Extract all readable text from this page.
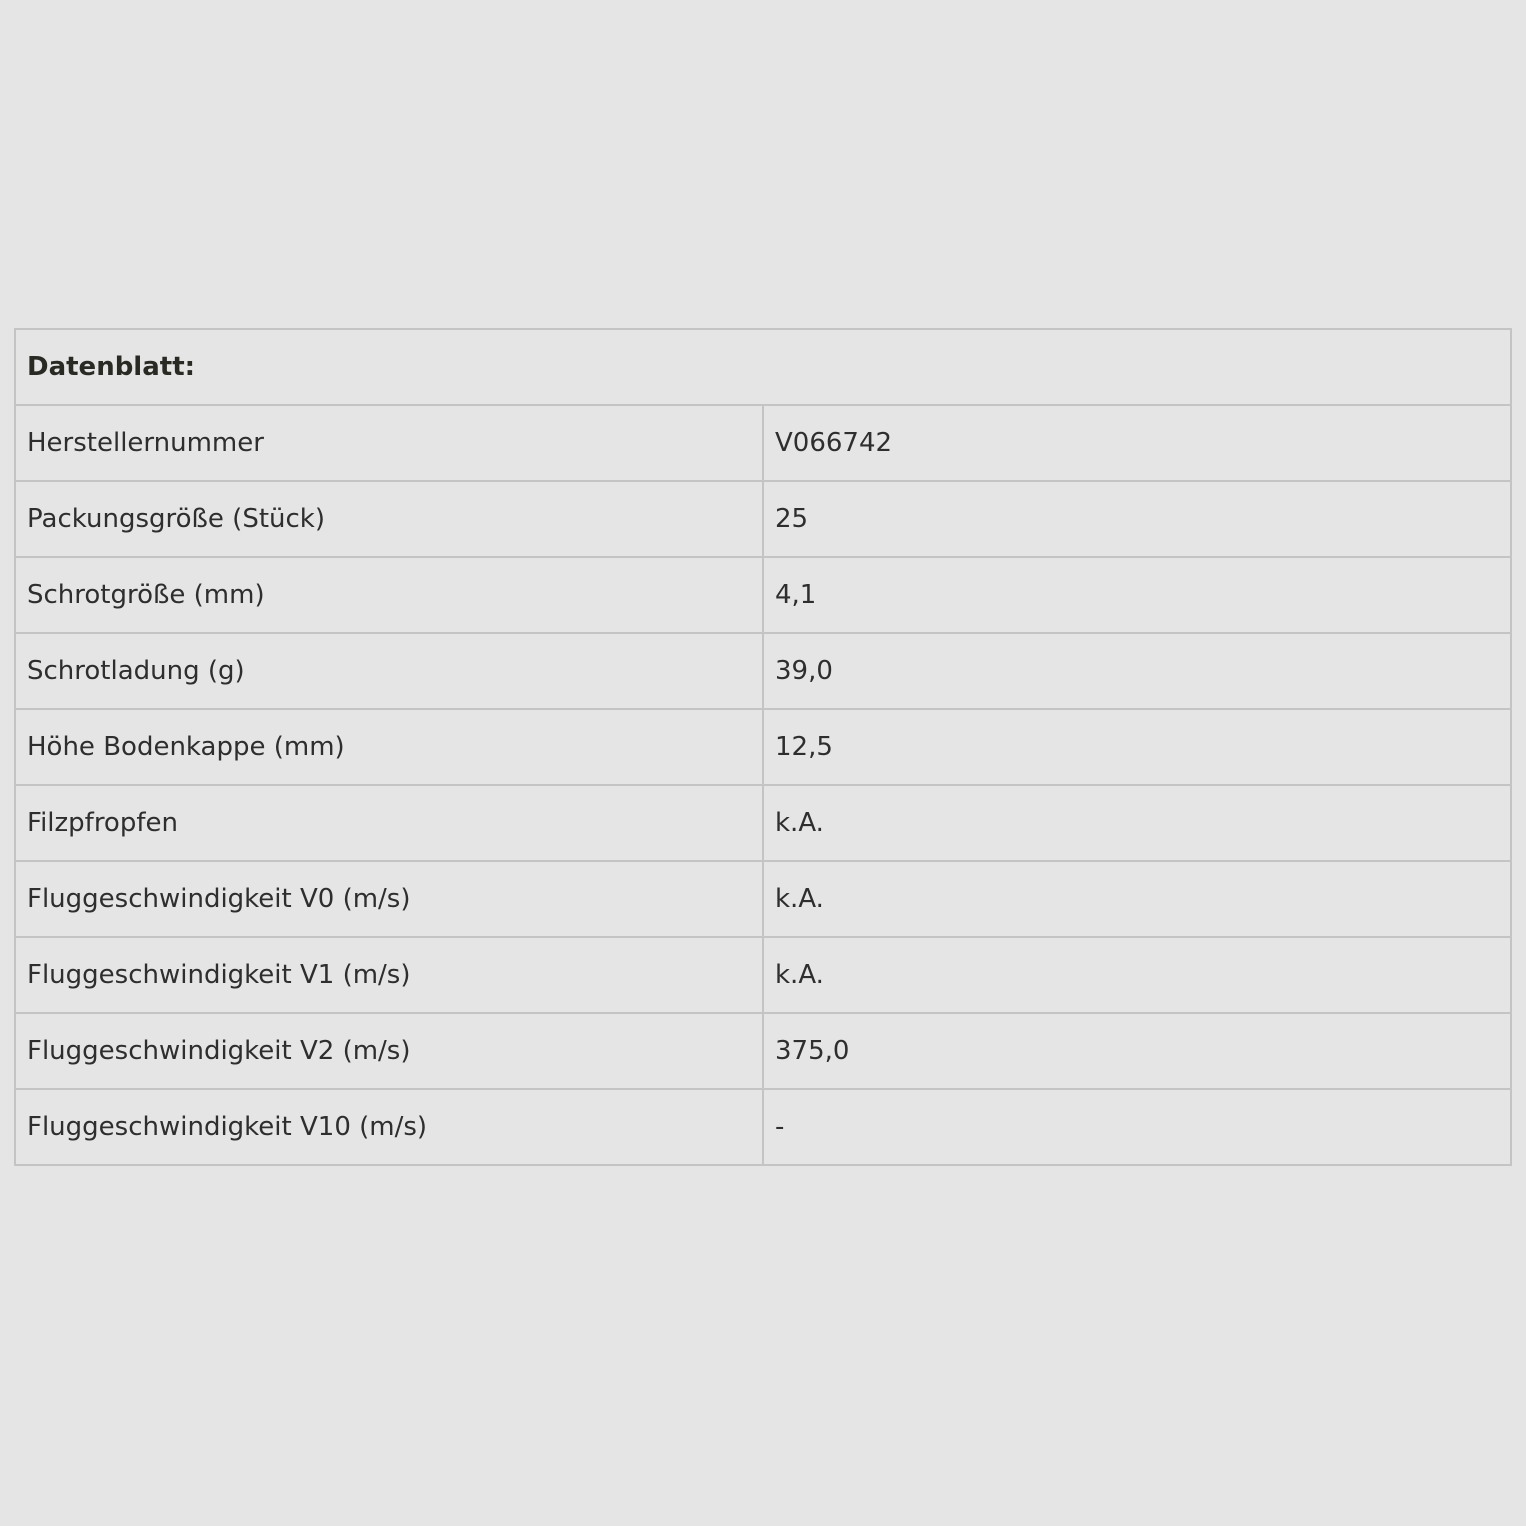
Datenblatt:	
Herstellernummer	V066742
Packungsgröße (Stück)	25
Schrotgröße (mm)	4,1
Schrotladung (g)	39,0
Höhe Bodenkappe (mm)	12,5
Filzpfropfen	k.A.
Fluggeschwindigkeit V0 (m/s)	k.A.
Fluggeschwindigkeit V1 (m/s)	k.A.
Fluggeschwindigkeit V2 (m/s)	375,0
Fluggeschwindigkeit V10 (m/s)	-
